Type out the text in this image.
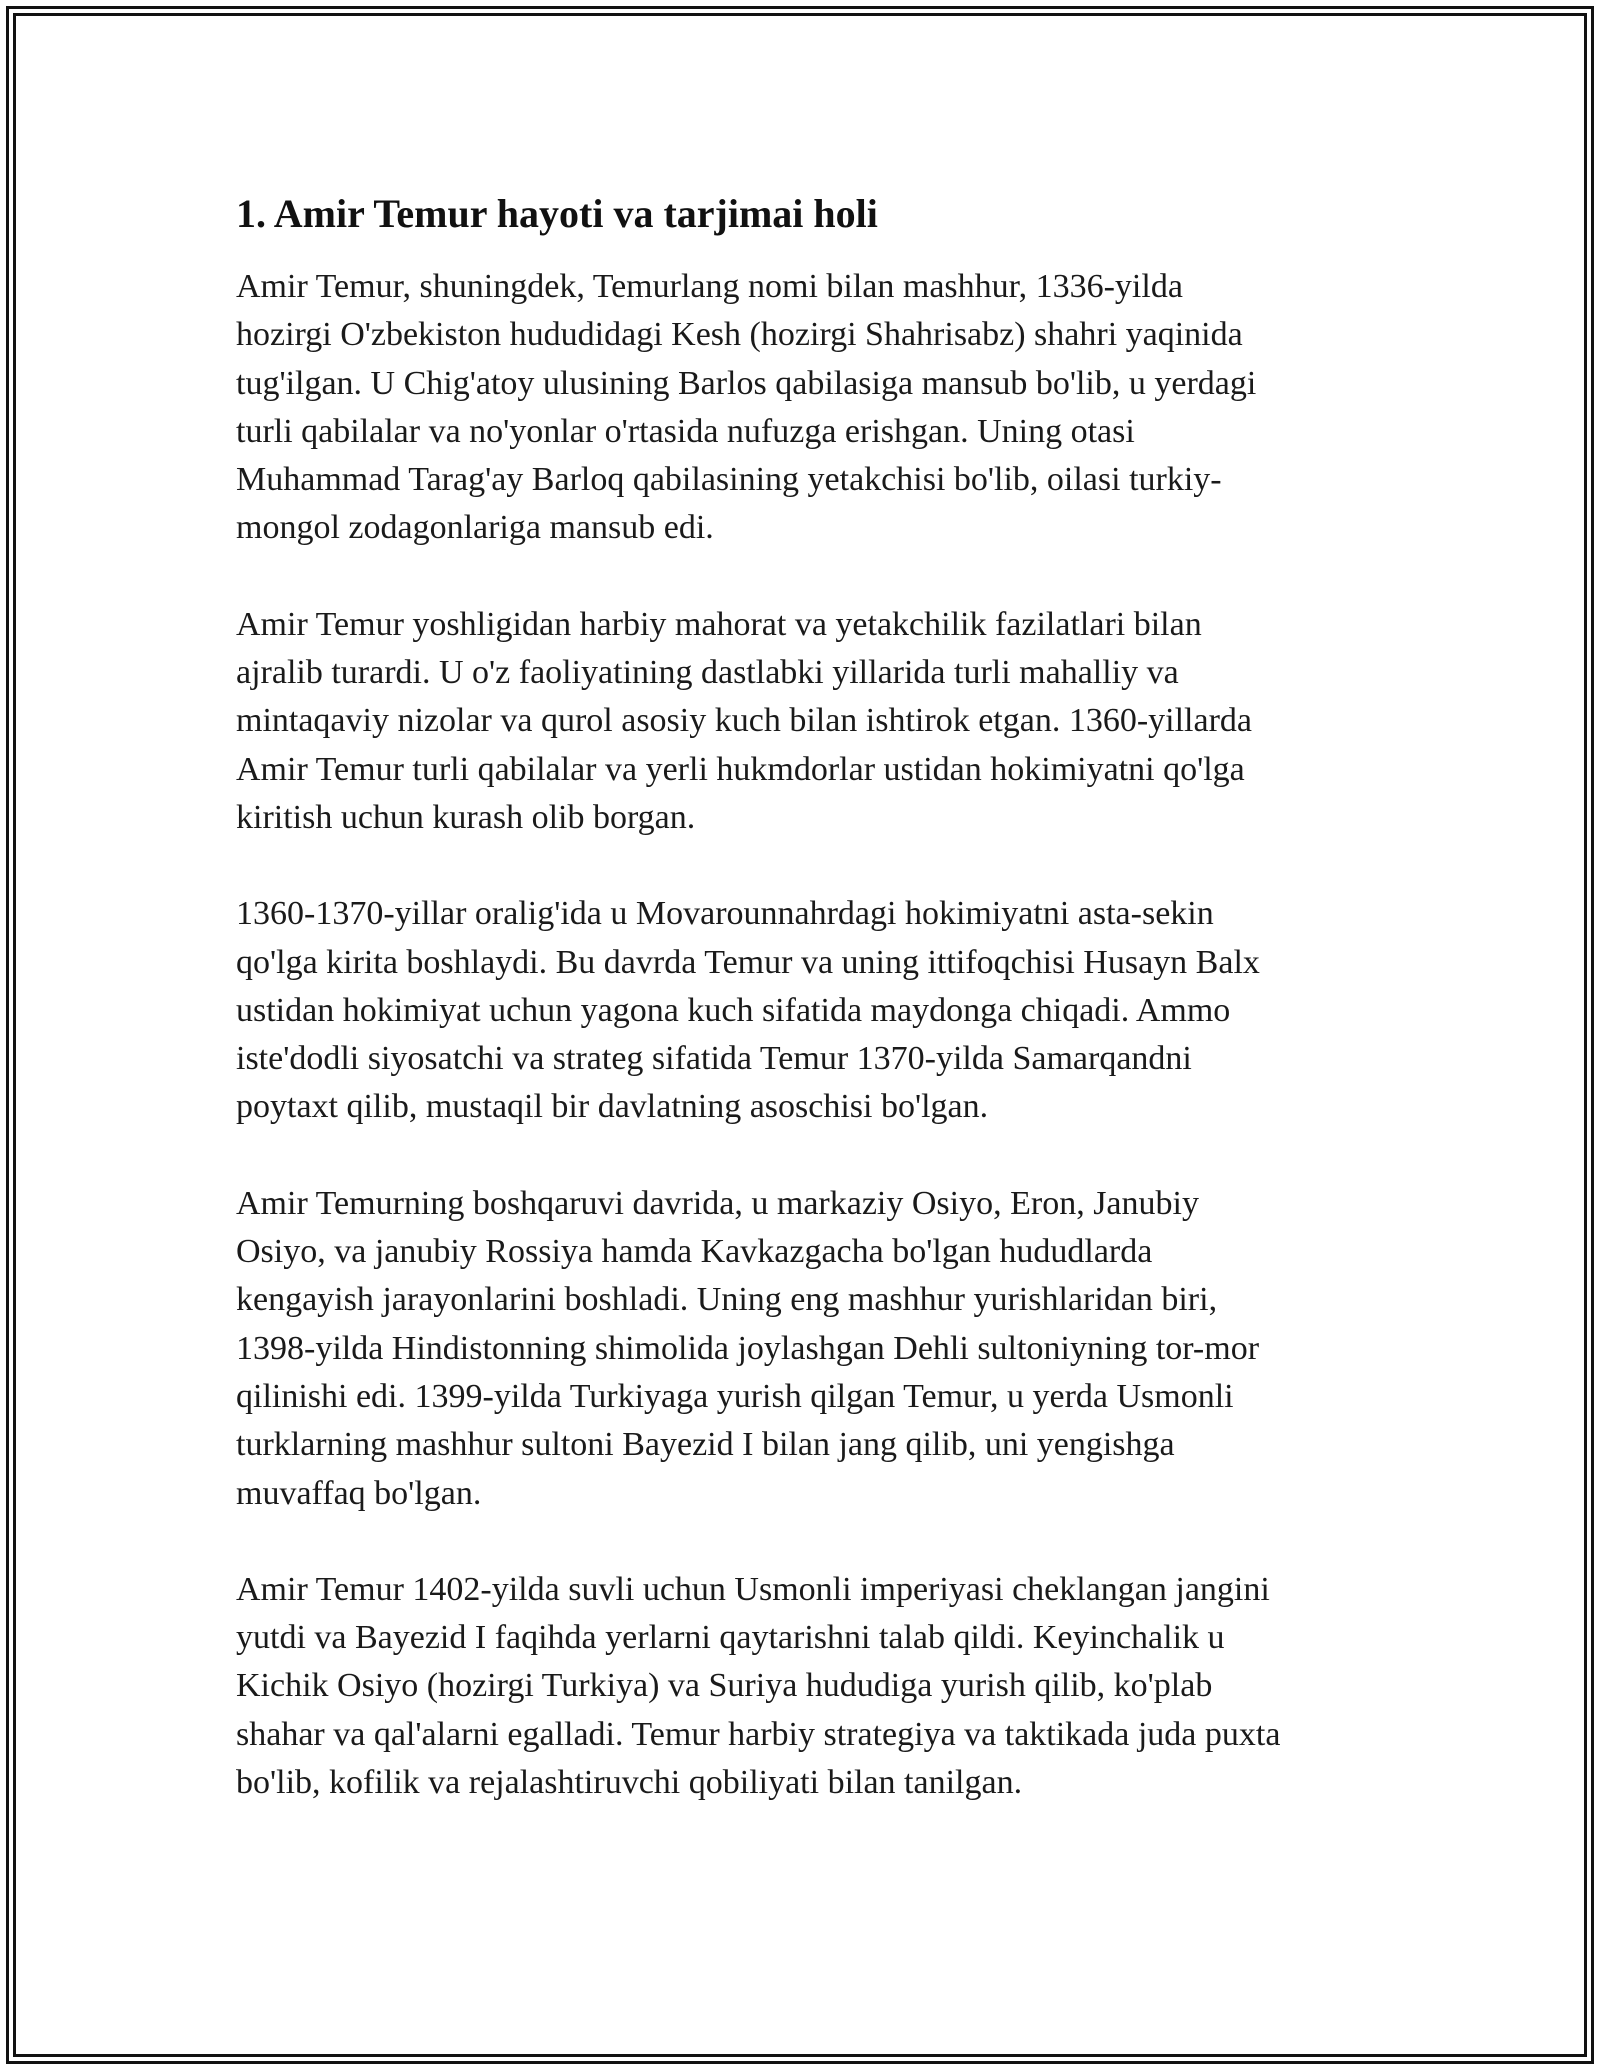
1. Amir Temur hayoti va tarjimai holi

Amir Temur, shuningdek, Temurlang nomi bilan mashhur, 1336-yilda
hozirgi O'zbekiston hududidagi Kesh (hozirgi Shahrisabz) shahri yaqinida
tug'ilgan. U Chig'atoy ulusining Barlos qabilasiga mansub bo'lib, u yerdagi
turli qabilalar va no'yonlar o'rtasida nufuzga erishgan. Uning otasi
Muhammad Tarag'ay Barloq qabilasining yetakchisi bo'lib, oilasi turkiy-
mongol zodagonlariga mansub edi.

Amir Temur yoshligidan harbiy mahorat va yetakchilik fazilatlari bilan
ajralib turardi. U o'z faoliyatining dastlabki yillarida turli mahalliy va
mintaqaviy nizolar va qurol asosiy kuch bilan ishtirok etgan. 1360-yillarda
Amir Temur turli qabilalar va yerli hukmdorlar ustidan hokimiyatni qo'lga
kiritish uchun kurash olib borgan.

1360-1370-yillar oralig'ida u Movarounnahrdagi hokimiyatni asta-sekin
qo'lga kirita boshlaydi. Bu davrda Temur va uning ittifoqchisi Husayn Balx
ustidan hokimiyat uchun yagona kuch sifatida maydonga chiqadi. Ammo
iste'dodli siyosatchi va strateg sifatida Temur 1370-yilda Samarqandni
poytaxt qilib, mustaqil bir davlatning asoschisi bo'lgan.

Amir Temurning boshqaruvi davrida, u markaziy Osiyo, Eron, Janubiy
Osiyo, va janubiy Rossiya hamda Kavkazgacha bo'lgan hududlarda
kengayish jarayonlarini boshladi. Uning eng mashhur yurishlaridan biri,
1398-yilda Hindistonning shimolida joylashgan Dehli sultoniyning tor-mor
qilinishi edi. 1399-yilda Turkiyaga yurish qilgan Temur, u yerda Usmonli
turklarning mashhur sultoni Bayezid I bilan jang qilib, uni yengishga
muvaffaq bo'lgan.

Amir Temur 1402-yilda suvli uchun Usmonli imperiyasi cheklangan jangini
yutdi va Bayezid I faqihda yerlarni qaytarishni talab qildi. Keyinchalik u
Kichik Osiyo (hozirgi Turkiya) va Suriya hududiga yurish qilib, ko'plab
shahar va qal'alarni egalladi. Temur harbiy strategiya va taktikada juda puxta
bo'lib, kofilik va rejalashtiruvchi qobiliyati bilan tanilgan.
